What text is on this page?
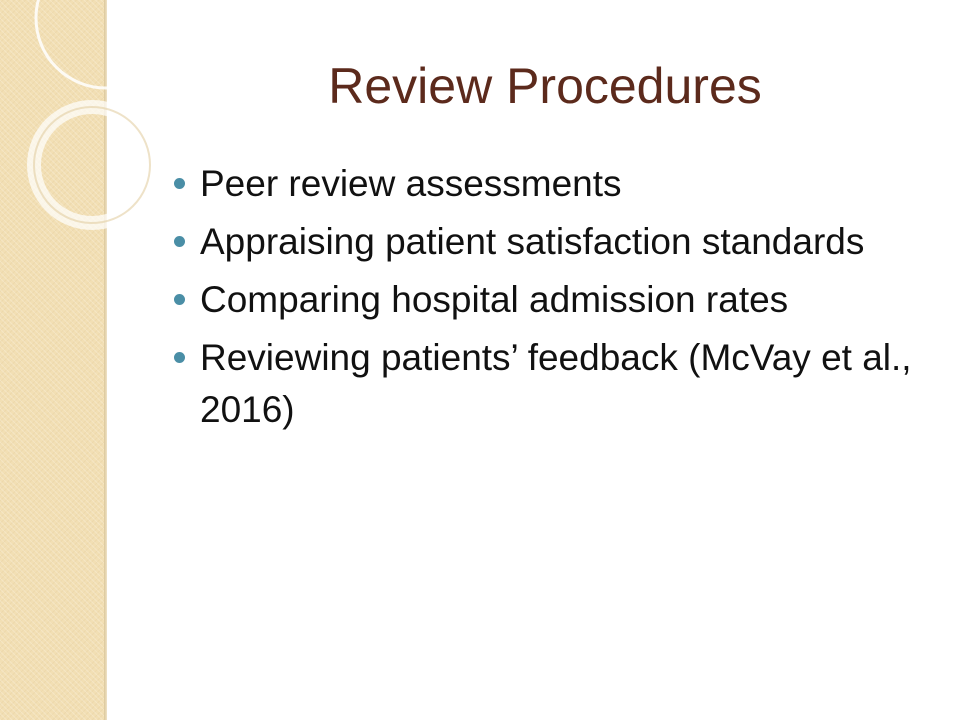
Review Procedures
Peer review assessments
Appraising patient satisfaction standards
Comparing hospital admission rates
Reviewing patients’ feedback (McVay et al., 2016)
